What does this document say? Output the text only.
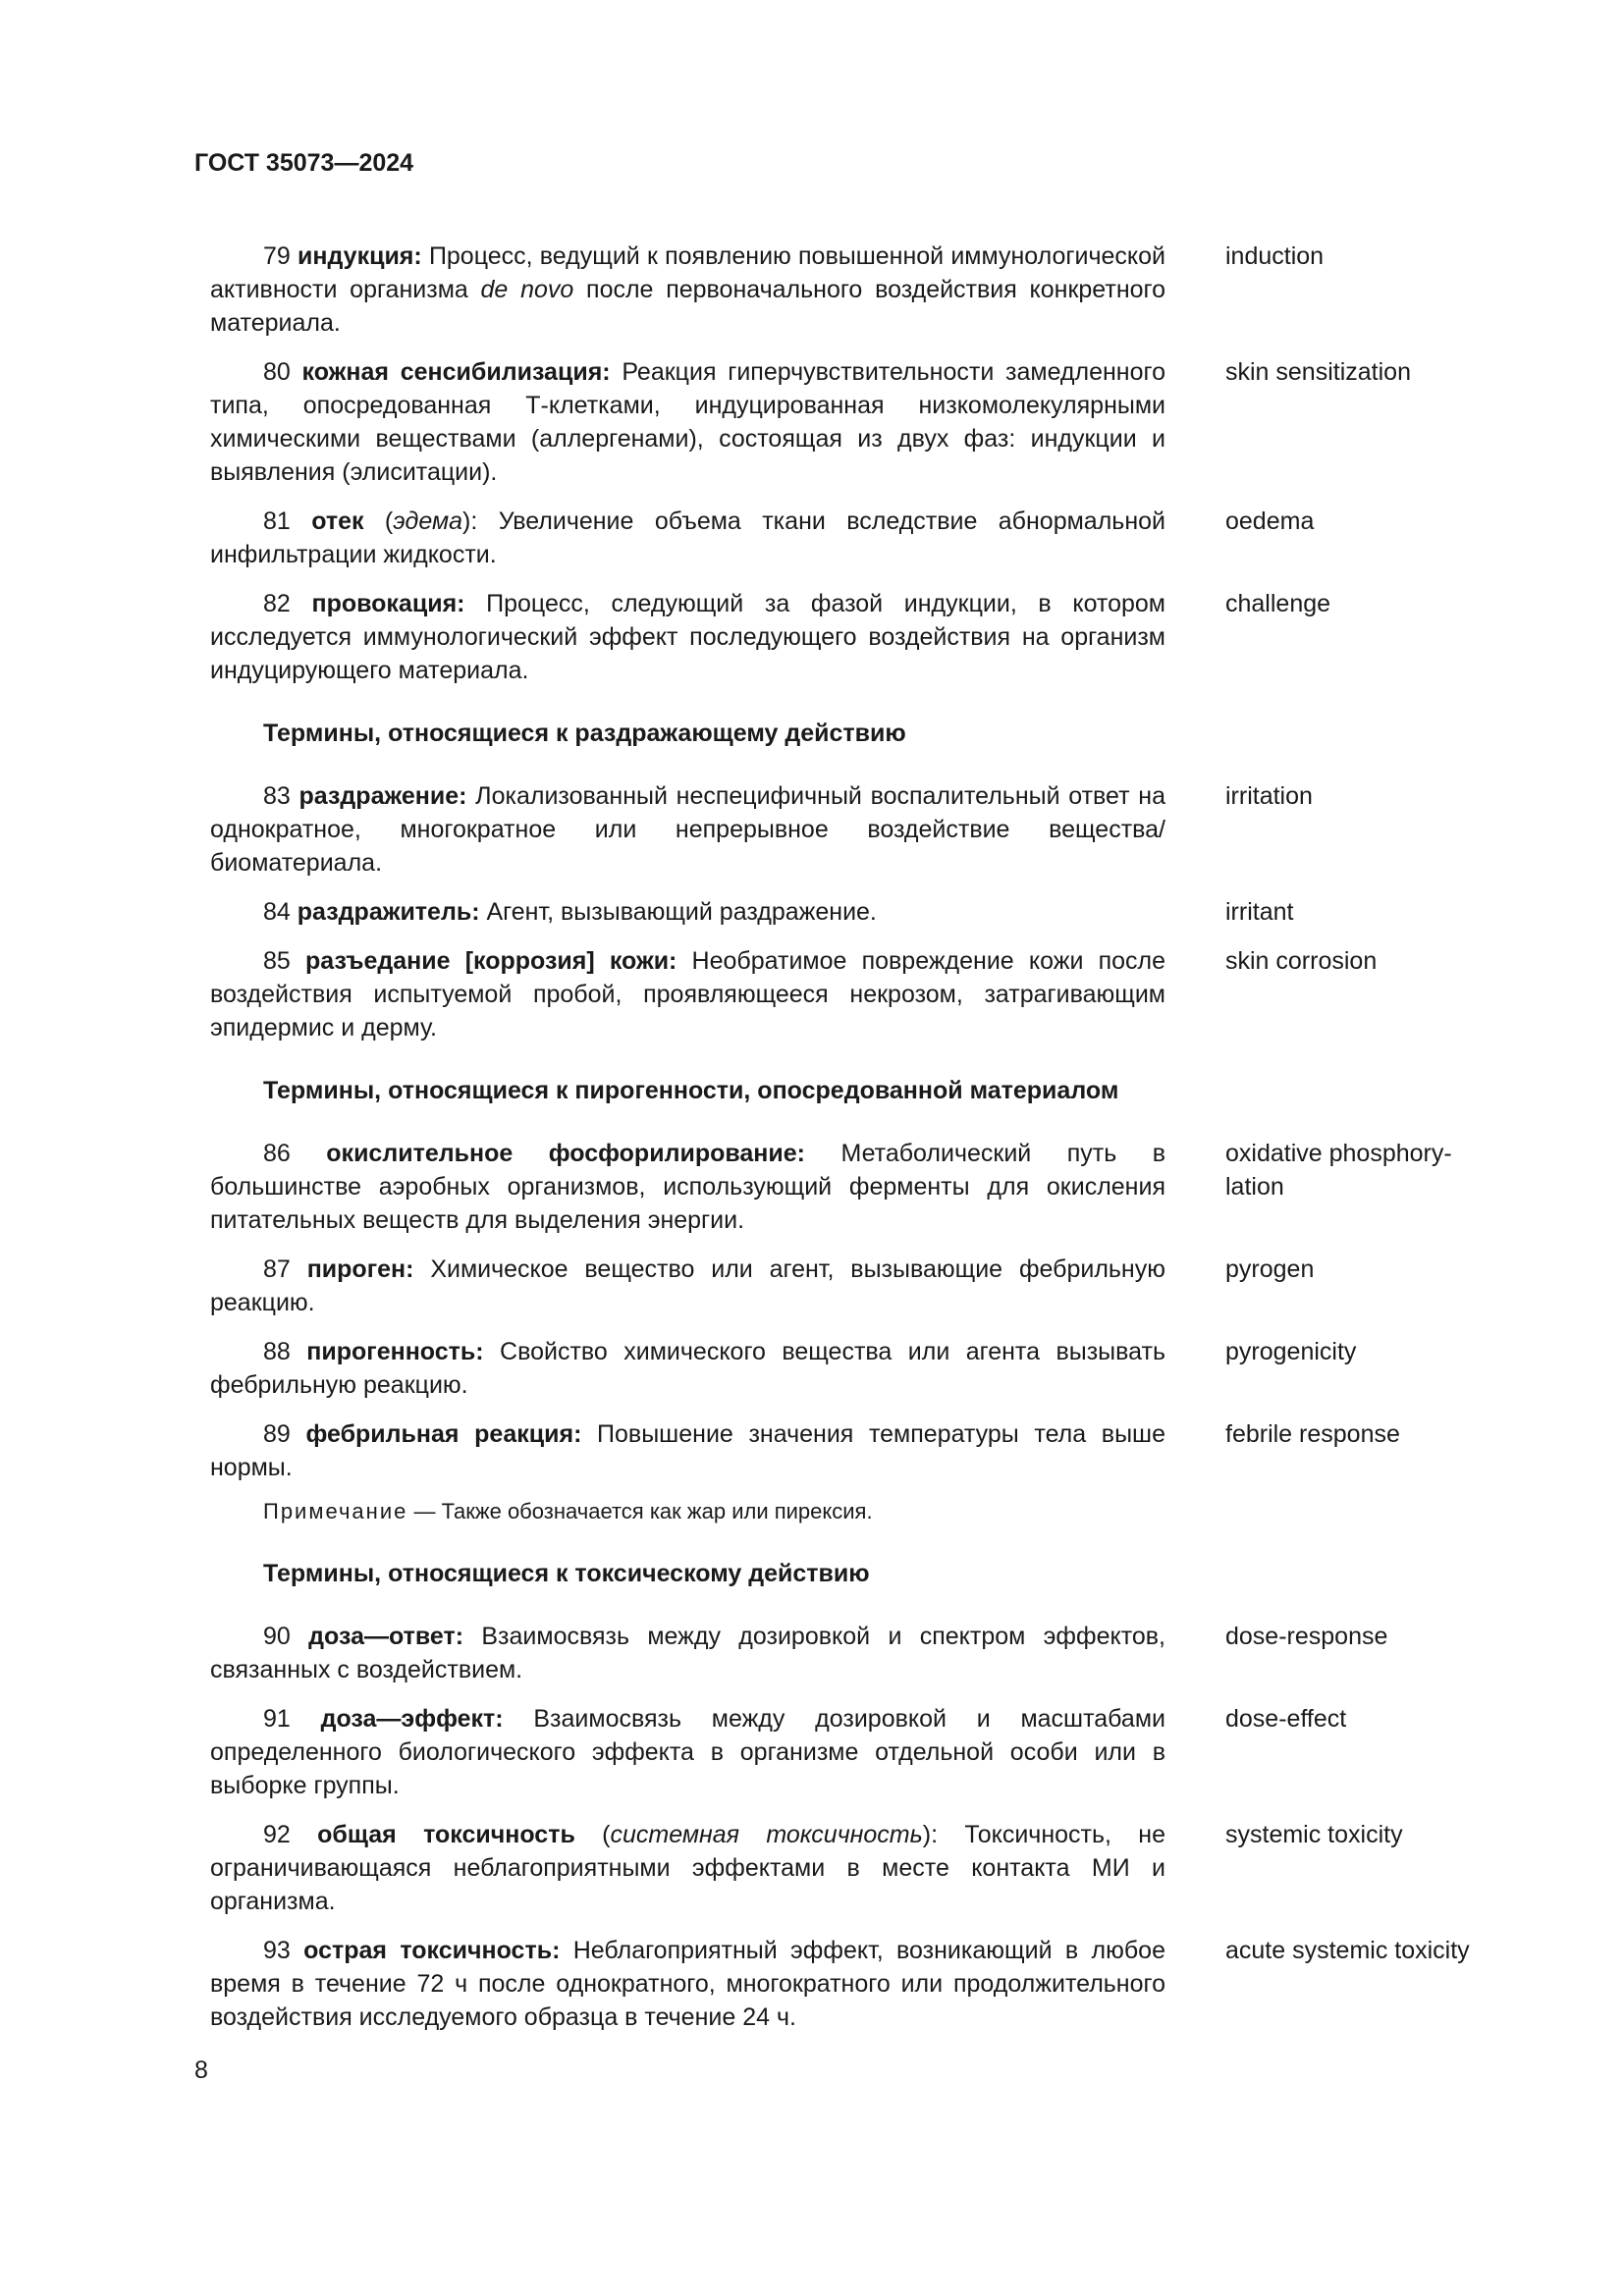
ГОСТ 35073—2024
79 индукция: Процесс, ведущий к появлению повышенной иммунологической активности организма de novo после первоначального воздействия конкретного материала.
induction
80 кожная сенсибилизация: Реакция гиперчувствительности замедленного типа, опосредованная Т-клетками, индуцированная низкомолекулярными химическими веществами (аллергенами), состоящая из двух фаз: индукции и выявления (элиситации).
skin sensitization
81 отек (эдема): Увеличение объема ткани вследствие абнормальной инфильтрации жидкости.
oedema
82 провокация: Процесс, следующий за фазой индукции, в котором исследуется иммунологический эффект последующего воздействия на организм индуцирующего материала.
challenge
Термины, относящиеся к раздражающему действию
83 раздражение: Локализованный неспецифичный воспалительный ответ на однократное, многократное или непрерывное воздействие вещества/биоматериала.
irritation
84 раздражитель: Агент, вызывающий раздражение.	irritant
85 разъедание [коррозия] кожи: Необратимое повреждение кожи после воздействия испытуемой пробой, проявляющееся некрозом, затрагивающим эпидермис и дерму.
skin corrosion
Термины, относящиеся к пирогенности, опосредованной материалом
86 окислительное фосфорилирование: Метаболический путь в большинстве аэробных организмов, использующий ферменты для окисления питательных веществ для выделения энергии.
oxidative phosphory-lation
87 пироген: Химическое вещество или агент, вызывающие фебрильную реакцию.
pyrogen
88 пирогенность: Свойство химического вещества или агента вызывать фебрильную реакцию.
pyrogenicity
89 фебрильная реакция: Повышение значения температуры тела выше нормы.
febrile response
Примечание — Также обозначается как жар или пирексия.
Термины, относящиеся к токсическому действию
90 доза—ответ: Взаимосвязь между дозировкой и спектром эффектов, связанных с воздействием.
dose-response
91 доза—эффект: Взаимосвязь между дозировкой и масштабами определенного биологического эффекта в организме отдельной особи или в выборке группы.
dose-effect
92 общая токсичность (системная токсичность): Токсичность, не ограничивающаяся неблагоприятными эффектами в месте контакта МИ и организма.
systemic toxicity
93 острая токсичность: Неблагоприятный эффект, возникающий в любое время в течение 72 ч после однократного, многократного или продолжительного воздействия исследуемого образца в течение 24 ч.
acute systemic toxicity
8
